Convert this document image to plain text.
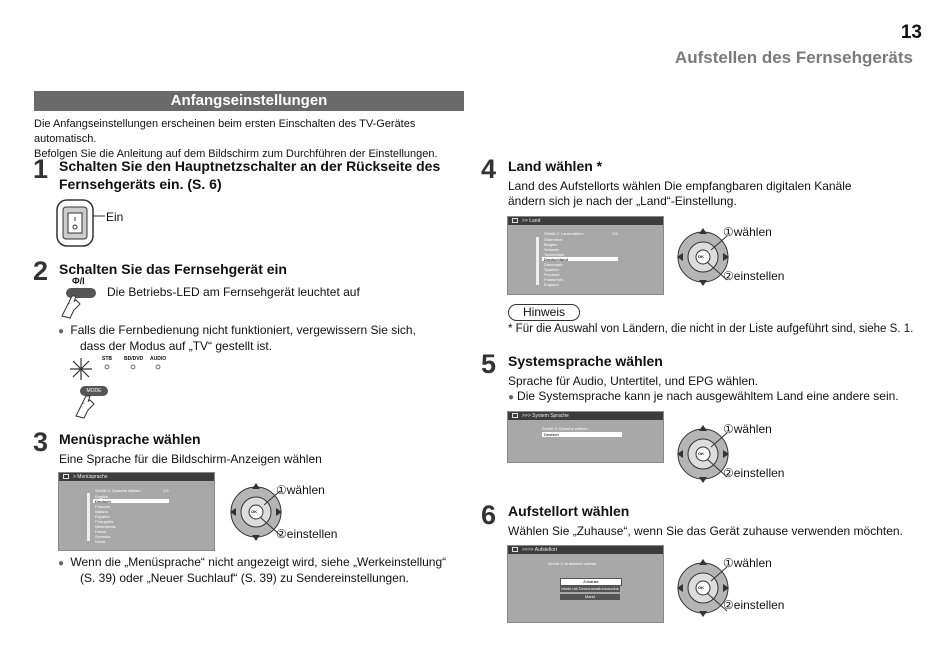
13
Aufstellen des Fernsehgeräts
Anfangseinstellungen
Die Anfangseinstellungen erscheinen beim ersten Einschalten des TV-Gerätes automatisch.
Befolgen Sie die Anleitung auf dem Bildschirm zum Durchführen der Einstellungen.
1 Schalten Sie den Hauptnetzschalter an der Rückseite des
Fernsehgeräts ein. (S. 6)
Ein
2 Schalten Sie das Fernsehgerät ein
Ф/I
Die Betriebs-LED am Fernsehgerät leuchtet auf
● Falls die Fernbedienung nicht funktioniert, vergewissern Sie sich,
dass der Modus auf „TV“ gestellt ist.
STB BD/DVD AUDIO
MODE
3 Menüsprache wählen
Eine Sprache für die Bildschirm-Anzeigen wählen
> Menüsprache
Schritt 1: Sprache wählen	1/3
English
Deutsch
Français
Italiano
Español
Português
Nederlands
Dansk
Svenska
Norsk
OK
①wählen
②einstellen
● Wenn die „Menüsprache“ nicht angezeigt wird, siehe „Werkeinstellung“
(S. 39) oder „Neuer Suchlauf“ (S. 39) zu Sendereinstellungen.
4 Land wählen *
Land des Aufstellorts wählen Die empfangbaren digitalen Kanäle
ändern sich je nach der „Land“-Einstellung.
>> Land
Schritt 2: Land wählen	1/3
Österreich
Belgien
Schweiz
Tschechien
Deutschland
Dänemark
Spanien
Finnland
Frankreich
England
OK
①wählen
②einstellen
Hinweis
* Für die Auswahl von Ländern, die nicht in der Liste aufgeführt sind, siehe S. 1.
5 Systemsprache wählen
Sprache für Audio, Untertitel, und EPG wählen.
● Die Systemsprache kann je nach ausgewähltem Land eine andere sein.
>>> System Sprache
Schritt 3: Sprache wählen
Deutsch
OK
①wählen
②einstellen
6 Aufstellort wählen
Wählen Sie „Zuhause“, wenn Sie das Gerät zuhause verwenden möchten.
>>>> Aufstellort
Schritt 4: Aufstellort wählen
Zuhause
Markt mit Demonstrationsmodus
Markt
OK
①wählen
②einstellen
